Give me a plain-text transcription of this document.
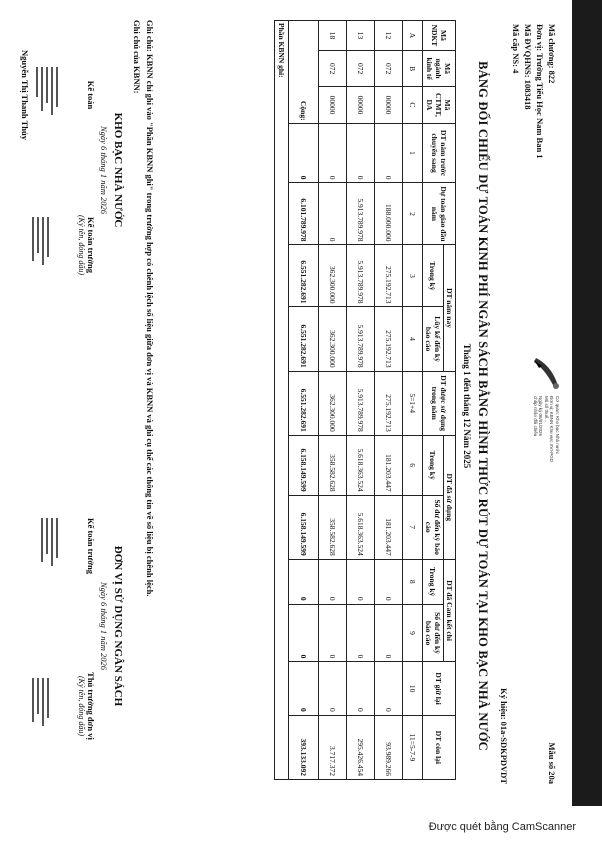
Mã chương: 822
Đơn vị: Trường Tiểu Học Nam Ban 1
Mã ĐVQHNS: 1083418
Mã cấp NS: 4
Cơ quan: Kho bạc Nhà nước
Đơn vị: KBNN Khu vực XVI-PGD
Mã số thuế...
Ngày ký 06/01/2026
chấp nhận đối chiếu
Mẫu số 20a
Ký hiệu: 01a-SDKPDVDT
BẢNG ĐỐI CHIẾU DỰ TOÁN KINH PHÍ NGÂN SÁCH BẰNG HÌNH THỨC RÚT DỰ TOÁN TẠI KHO BẠC NHÀ NƯỚC
Tháng 1 đến tháng 12 Năm 2025
Mã NDKT	Mã ngành kinh tế	Mã CTMT, DA	DT năm trước chuyển sang	Dự toán giao đầu năm	DT năm nay		DT được sử dụng trong năm	DT đã sử dụng		DT đã Cam kết chi		DT giữ lại	DT còn lại
					Trong kỳ	Lũy kế đến kỳ báo cáo		Trong kỳ	Số dư đến kỳ báo cáo	Trong kỳ	Số dư đến kỳ báo cáo		
A	B	C	1	2	3	4	5=1+4	6	7	8	9	10	11=5-7-9
12	072	00000	0	188.000.000	275.192.713	275.192.713	275.192.713	181.203.447	181.203.447	0	0	0	93.989.266
13	072	00000	0	5.913.789.978	5.913.789.978	5.913.789.978	5.913.789.978	5.618.363.524	5.618.363.524	0	0	0	295.426.454
18	072	00000	0	0	362.300.000	362.300.000	362.300.000	358.582.628	358.582.628	0	0	0	3.717.372
Cộng:			0	6.101.789.978	6.551.282.691	6.551.282.691	6.551.282.691	6.158.149.599	6.158.149.599	0	0	0	393.133.092
Phần KBNN ghi:													
Ghi chú: KBNN chỉ ghi vào "Phần KBNN ghi" trong trường hợp có chênh lệch số liệu giữa đơn vị và KBNN và ghi cụ thể các thông tin về số liệu bị chênh lệch.
Ghi chú của KBNN:
KHO BẠC NHÀ NƯỚC
Ngày 6 tháng 1 năm 2026
Kế toán
Nguyễn Thị Thanh Thủy
Kế toán trưởng
(Ký tên, đóng dấu)
ĐƠN VỊ SỬ DỤNG NGÂN SÁCH
Ngày 6 tháng 1 năm 2026
Kế toán trưởng
Thủ trưởng đơn vị
(Ký tên, đóng dấu)
Được quét bằng CamScanner
